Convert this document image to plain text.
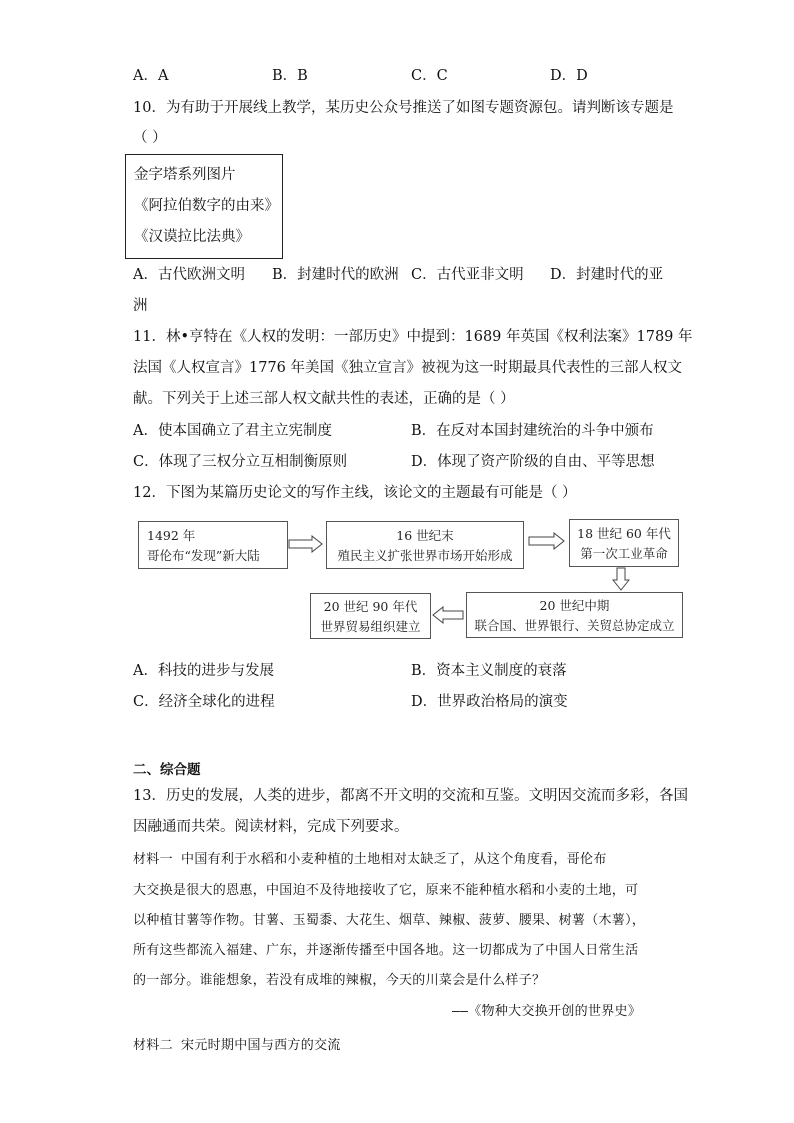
A．A	B．B	C．C	D．D
10．为有助于开展线上教学，某历史公众号推送了如图专题资源包。请判断该专题是
（ ）
金字塔系列图片
《阿拉伯数字的由来》
《汉谟拉比法典》
A．古代欧洲文明 B．封建时代的欧洲 C．古代亚非文明 D．封建时代的亚
洲
11．林•亨特在《人权的发明：一部历史》中提到：1689 年英国《权利法案》1789 年
法国《人权宣言》1776 年美国《独立宣言》被视为这一时期最具代表性的三部人权文
献。下列关于上述三部人权文献共性的表述，正确的是（ ）
A．使本国确立了君主立宪制度	B．在反对本国封建统治的斗争中颁布
C．体现了三权分立互相制衡原则	D．体现了资产阶级的自由、平等思想
12．下图为某篇历史论文的写作主线，该论文的主题最有可能是（ ）
1492 年
哥伦布“发现”新大陆
16 世纪末
殖民主义扩张世界市场开始形成
18 世纪 60 年代
第一次工业革命
20 世纪中期
联合国、世界银行、关贸总协定成立
20 世纪 90 年代
世界贸易组织建立
A．科技的进步与发展	B．资本主义制度的衰落
C．经济全球化的进程	D．世界政治格局的演变
二、综合题
13．历史的发展，人类的进步，都离不开文明的交流和互鉴。文明因交流而多彩，各国
因融通而共荣。阅读材料，完成下列要求。
材料一 中国有利于水稻和小麦种植的土地相对太缺乏了，从这个角度看，哥伦布
大交换是很大的恩惠，中国迫不及待地接收了它，原来不能种植水稻和小麦的土地，可
以种植甘薯等作物。甘薯、玉蜀黍、大花生、烟草、辣椒、菠萝、腰果、树薯（木薯），
所有这些都流入福建、广东，并逐渐传播至中国各地。这一切都成为了中国人日常生活
的一部分。谁能想象，若没有成堆的辣椒，今天的川菜会是什么样子？
——《物种大交换开创的世界史》
材料二 宋元时期中国与西方的交流
